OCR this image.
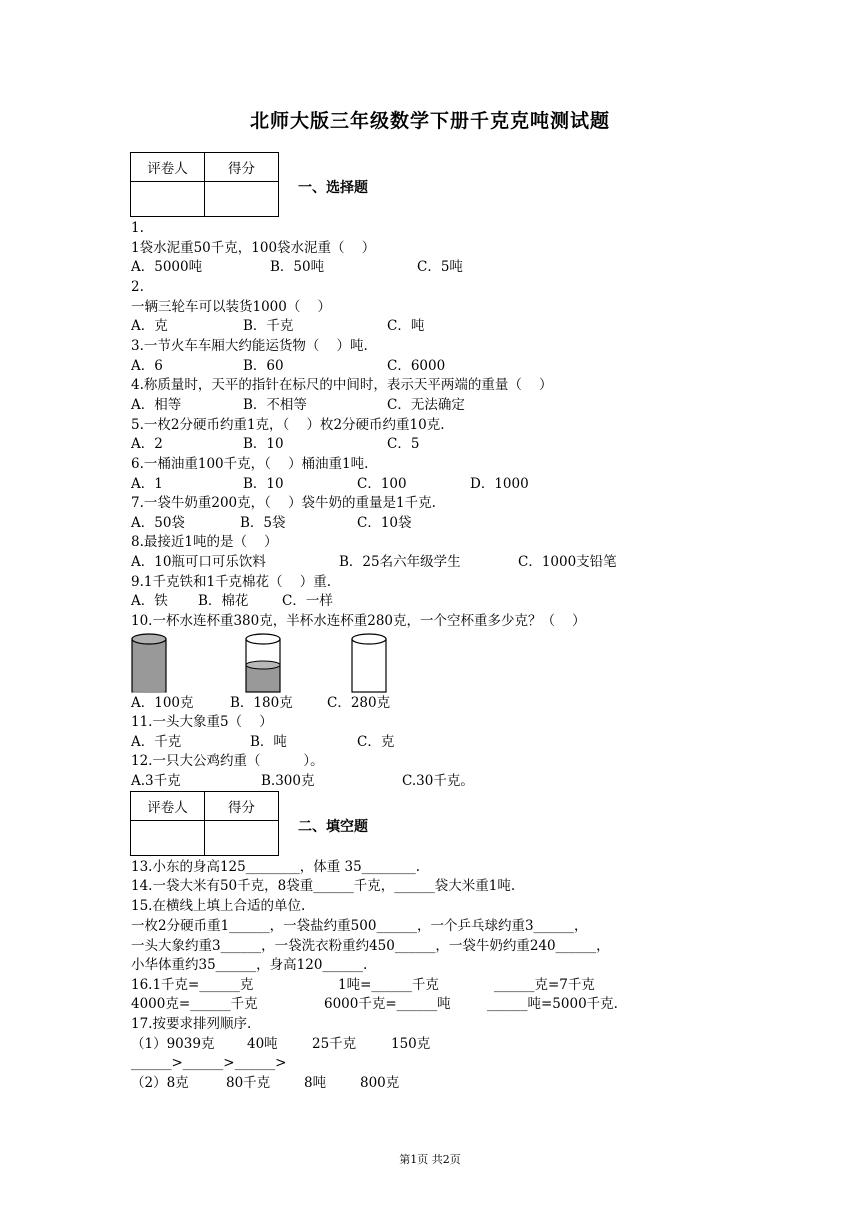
北师大版三年级数学下册千克克吨测试题
评卷人	得分

一、选择题
1.
1袋水泥重50千克，100袋水泥重（    ）
A．5000吨	B．50吨	C．5吨
2.
一辆三轮车可以装货1000（    ）
A．克	B．千克	C．吨
3.一节火车车厢大约能运货物（    ）吨.
A．6	B．60	C．6000
4.称质量时，天平的指针在标尺的中间时，表示天平两端的重量（    ）
A．相等	B．不相等	C．无法确定
5.一枚2分硬币约重1克，（    ）枚2分硬币约重10克.
A．2	B．10	C．5
6.一桶油重100千克，（    ）桶油重1吨.
A．1	B．10	C．100	D．1000
7.一袋牛奶重200克，（    ）袋牛奶的重量是1千克.
A．50袋	B．5袋	C．10袋
8.最接近1吨的是（    ）
A．10瓶可口可乐饮料	B．25名六年级学生	C．1000支铅笔
9.1千克铁和1千克棉花（    ）重.
A．铁 B．棉花 C．一样
10.一杯水连杯重380克，半杯水连杯重280克，一个空杯重多少克？（    ）
A．100克	B．180克	C．280克
11.一头大象重5（    ）
A．千克	B．吨	C．克
12.一只大公鸡约重（          ）。
A.3千克	B.300克	C.30千克。
评卷人	得分

二、填空题
13.小东的身高125________，体重 35________.
14.一袋大米有50千克，8袋重______千克，______袋大米重1吨.
15.在横线上填上合适的单位.
一枚2分硬币重1______，一袋盐约重500______，一个乒乓球约重3______，
一头大象约重3______，一袋洗衣粉重约450______，一袋牛奶约重240______，
小华体重约35______，身高120______.
16.1千克=______克	1吨=______千克	______克=7千克
4000克=______千克	6000千克=______吨	______吨=5000千克.
17.按要求排列顺序.
（1）9039克 40吨	25千克	150克
______>______>______>
（2）8克	80千克	8吨	800克
第1页 共2页
